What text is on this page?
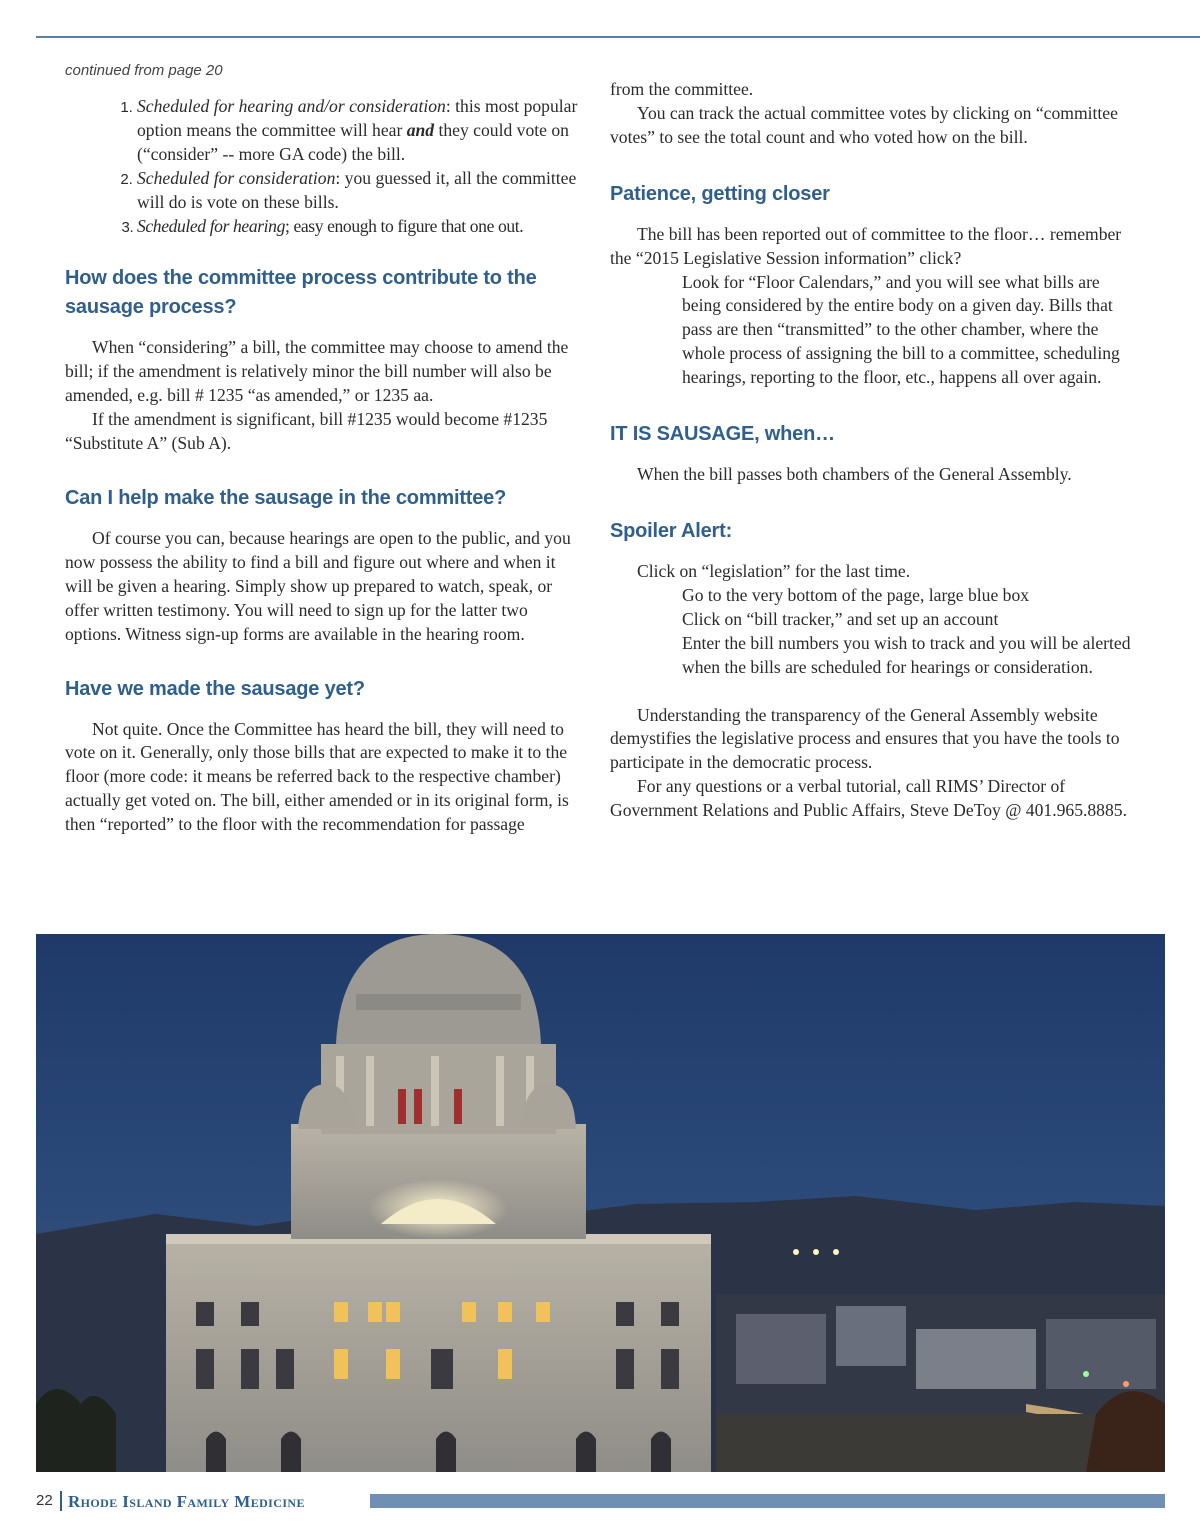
continued from page 20
1. Scheduled for hearing and/or consideration: this most popular option means the committee will hear and they could vote on (“consider” -- more GA code) the bill.
2. Scheduled for consideration: you guessed it, all the committee will do is vote on these bills.
3. Scheduled for hearing; easy enough to figure that one out.
How does the committee process contribute to the sausage process?

When “considering” a bill, the committee may choose to amend the bill; if the amendment is relatively minor the bill number will also be amended, e.g. bill # 1235 “as amended,” or 1235 aa.

If the amendment is significant, bill #1235 would become #1235 “Substitute A” (Sub A).

Can I help make the sausage in the committee?

Of course you can, because hearings are open to the public, and you now possess the ability to find a bill and figure out where and when it will be given a hearing. Simply show up prepared to watch, speak, or offer written testimony. You will need to sign up for the latter two options. Witness sign-up forms are available in the hearing room.

Have we made the sausage yet?

Not quite. Once the Committee has heard the bill, they will need to vote on it. Generally, only those bills that are expected to make it to the floor (more code: it means be referred back to the respective chamber) actually get voted on. The bill, either amended or in its original form, is then “reported” to the floor with the recommendation for passage

from the committee.

You can track the actual committee votes by clicking on “committee votes” to see the total count and who voted how on the bill.

Patience, getting closer

The bill has been reported out of committee to the floor… remember the “2015 Legislative Session information” click?

Look for “Floor Calendars,” and you will see what bills are being considered by the entire body on a given day. Bills that pass are then “transmitted” to the other chamber, where the whole process of assigning the bill to a committee, scheduling hearings, reporting to the floor, etc., happens all over again.

IT IS SAUSAGE, when…

When the bill passes both chambers of the General Assembly.

Spoiler Alert:

Click on “legislation” for the last time.

Go to the very bottom of the page, large blue box

Click on “bill tracker,” and set up an account

Enter the bill numbers you wish to track and you will be alerted when the bills are scheduled for hearings or consideration.

Understanding the transparency of the General Assembly website demystifies the legislative process and ensures that you have the tools to participate in the democratic process.

For any questions or a verbal tutorial, call RIMS’ Director of Government Relations and Public Affairs, Steve DeToy @ 401.965.8885.

22 Rhode Island Family Medicine
